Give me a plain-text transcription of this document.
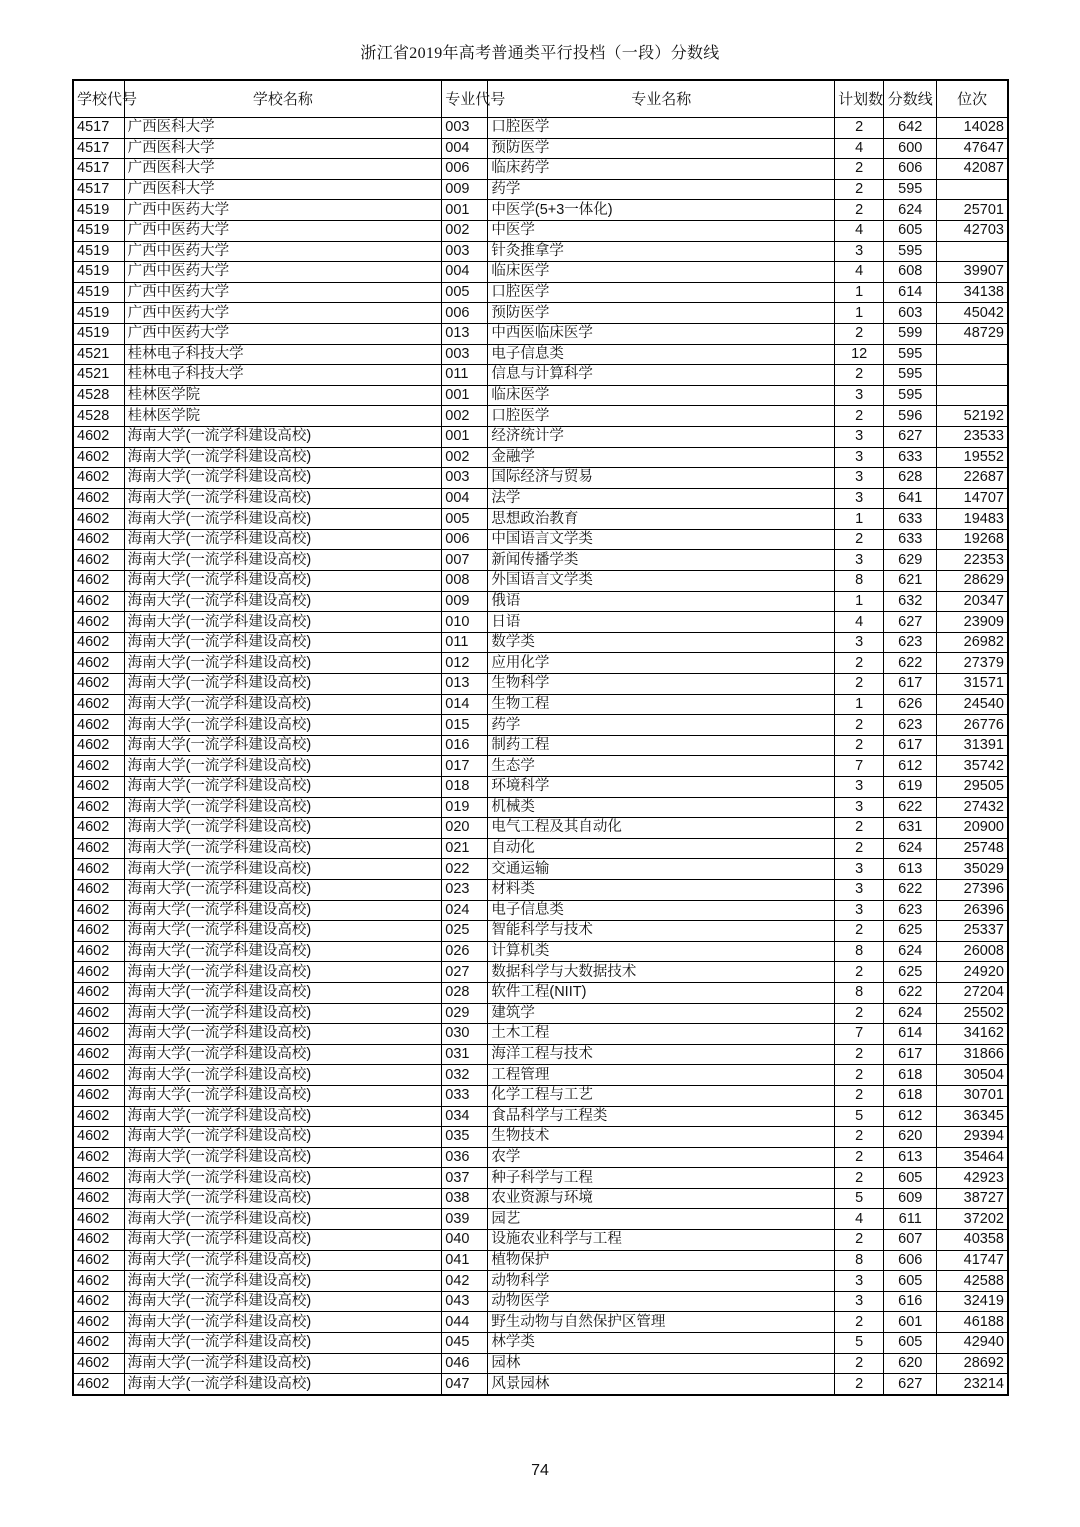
浙江省2019年高考普通类平行投档（一段）分数线
学校代号	学校名称	专业代号	专业名称	计划数	分数线	位次
4517	广西医科大学	003	口腔医学	2	642	14028
4517	广西医科大学	004	预防医学	4	600	47647
4517	广西医科大学	006	临床药学	2	606	42087
4517	广西医科大学	009	药学	2	595	
4519	广西中医药大学	001	中医学(5+3一体化)	2	624	25701
4519	广西中医药大学	002	中医学	4	605	42703
4519	广西中医药大学	003	针灸推拿学	3	595	
4519	广西中医药大学	004	临床医学	4	608	39907
4519	广西中医药大学	005	口腔医学	1	614	34138
4519	广西中医药大学	006	预防医学	1	603	45042
4519	广西中医药大学	013	中西医临床医学	2	599	48729
4521	桂林电子科技大学	003	电子信息类	12	595	
4521	桂林电子科技大学	011	信息与计算科学	2	595	
4528	桂林医学院	001	临床医学	3	595	
4528	桂林医学院	002	口腔医学	2	596	52192
4602	海南大学(一流学科建设高校)	001	经济统计学	3	627	23533
4602	海南大学(一流学科建设高校)	002	金融学	3	633	19552
4602	海南大学(一流学科建设高校)	003	国际经济与贸易	3	628	22687
4602	海南大学(一流学科建设高校)	004	法学	3	641	14707
4602	海南大学(一流学科建设高校)	005	思想政治教育	1	633	19483
4602	海南大学(一流学科建设高校)	006	中国语言文学类	2	633	19268
4602	海南大学(一流学科建设高校)	007	新闻传播学类	3	629	22353
4602	海南大学(一流学科建设高校)	008	外国语言文学类	8	621	28629
4602	海南大学(一流学科建设高校)	009	俄语	1	632	20347
4602	海南大学(一流学科建设高校)	010	日语	4	627	23909
4602	海南大学(一流学科建设高校)	011	数学类	3	623	26982
4602	海南大学(一流学科建设高校)	012	应用化学	2	622	27379
4602	海南大学(一流学科建设高校)	013	生物科学	2	617	31571
4602	海南大学(一流学科建设高校)	014	生物工程	1	626	24540
4602	海南大学(一流学科建设高校)	015	药学	2	623	26776
4602	海南大学(一流学科建设高校)	016	制药工程	2	617	31391
4602	海南大学(一流学科建设高校)	017	生态学	7	612	35742
4602	海南大学(一流学科建设高校)	018	环境科学	3	619	29505
4602	海南大学(一流学科建设高校)	019	机械类	3	622	27432
4602	海南大学(一流学科建设高校)	020	电气工程及其自动化	2	631	20900
4602	海南大学(一流学科建设高校)	021	自动化	2	624	25748
4602	海南大学(一流学科建设高校)	022	交通运输	3	613	35029
4602	海南大学(一流学科建设高校)	023	材料类	3	622	27396
4602	海南大学(一流学科建设高校)	024	电子信息类	3	623	26396
4602	海南大学(一流学科建设高校)	025	智能科学与技术	2	625	25337
4602	海南大学(一流学科建设高校)	026	计算机类	8	624	26008
4602	海南大学(一流学科建设高校)	027	数据科学与大数据技术	2	625	24920
4602	海南大学(一流学科建设高校)	028	软件工程(NIIT)	8	622	27204
4602	海南大学(一流学科建设高校)	029	建筑学	2	624	25502
4602	海南大学(一流学科建设高校)	030	土木工程	7	614	34162
4602	海南大学(一流学科建设高校)	031	海洋工程与技术	2	617	31866
4602	海南大学(一流学科建设高校)	032	工程管理	2	618	30504
4602	海南大学(一流学科建设高校)	033	化学工程与工艺	2	618	30701
4602	海南大学(一流学科建设高校)	034	食品科学与工程类	5	612	36345
4602	海南大学(一流学科建设高校)	035	生物技术	2	620	29394
4602	海南大学(一流学科建设高校)	036	农学	2	613	35464
4602	海南大学(一流学科建设高校)	037	种子科学与工程	2	605	42923
4602	海南大学(一流学科建设高校)	038	农业资源与环境	5	609	38727
4602	海南大学(一流学科建设高校)	039	园艺	4	611	37202
4602	海南大学(一流学科建设高校)	040	设施农业科学与工程	2	607	40358
4602	海南大学(一流学科建设高校)	041	植物保护	8	606	41747
4602	海南大学(一流学科建设高校)	042	动物科学	3	605	42588
4602	海南大学(一流学科建设高校)	043	动物医学	3	616	32419
4602	海南大学(一流学科建设高校)	044	野生动物与自然保护区管理	2	601	46188
4602	海南大学(一流学科建设高校)	045	林学类	5	605	42940
4602	海南大学(一流学科建设高校)	046	园林	2	620	28692
4602	海南大学(一流学科建设高校)	047	风景园林	2	627	23214
74
